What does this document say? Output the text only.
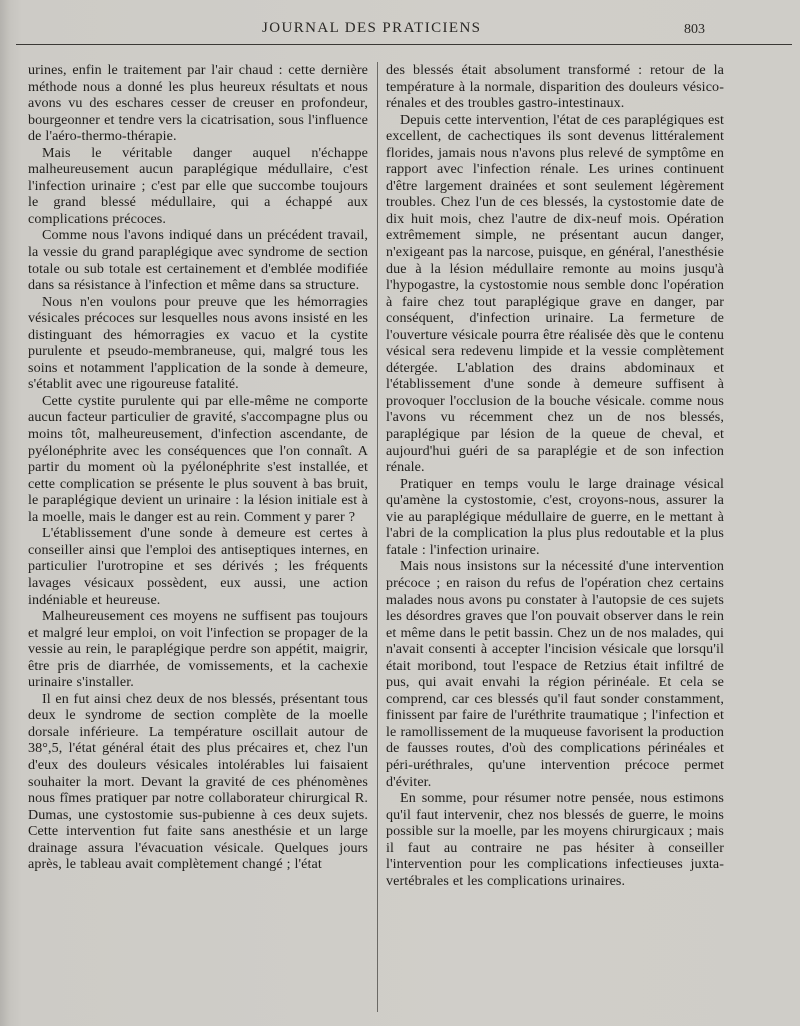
JOURNAL DES PRATICIENS	803

urines, enfin le traitement par l'air chaud : cette dernière méthode nous a donné les plus heureux résultats et nous avons vu des eschares cesser de creuser en profondeur, bourgeonner et tendre vers la cicatrisation, sous l'influence de l'aéro-thermo-thérapie.

Mais le véritable danger auquel n'échappe malheureusement aucun paraplégique médullaire, c'est l'infection urinaire ; c'est par elle que succombe toujours le grand blessé médullaire, qui a échappé aux complications précoces.

Comme nous l'avons indiqué dans un précédent travail, la vessie du grand paraplégique avec syndrome de section totale ou sub totale est certainement et d'emblée modifiée dans sa résistance à l'infection et même dans sa structure.

Nous n'en voulons pour preuve que les hémorragies vésicales précoces sur lesquelles nous avons insisté en les distinguant des hémorragies ex vacuo et la cystite purulente et pseudo-membraneuse, qui, malgré tous les soins et notamment l'application de la sonde à demeure, s'établit avec une rigoureuse fatalité.

Cette cystite purulente qui par elle-même ne comporte aucun facteur particulier de gravité, s'accompagne plus ou moins tôt, malheureusement, d'infection ascendante, de pyélonéphrite avec les conséquences que l'on connaît. A partir du moment où la pyélonéphrite s'est installée, et cette complication se présente le plus souvent à bas bruit, le paraplégique devient un urinaire : la lésion initiale est à la moelle, mais le danger est au rein. Comment y parer ?

L'établissement d'une sonde à demeure est certes à conseiller ainsi que l'emploi des antiseptiques internes, en particulier l'urotropine et ses dérivés ; les fréquents lavages vésicaux possèdent, eux aussi, une action indéniable et heureuse.

Malheureusement ces moyens ne suffisent pas toujours et malgré leur emploi, on voit l'infection se propager de la vessie au rein, le paraplégique perdre son appétit, maigrir, être pris de diarrhée, de vomissements, et la cachexie urinaire s'installer.

Il en fut ainsi chez deux de nos blessés, présentant tous deux le syndrome de section complète de la moelle dorsale inférieure. La température oscillait autour de 38°,5, l'état général était des plus précaires et, chez l'un d'eux des douleurs vésicales intolérables lui faisaient souhaiter la mort. Devant la gravité de ces phénomènes nous fîmes pratiquer par notre collaborateur chirurgical R. Dumas, une cystostomie sus-pubienne à ces deux sujets. Cette intervention fut faite sans anesthésie et un large drainage assura l'évacuation vésicale. Quelques jours après, le tableau avait complètement changé ; l'état

des blessés était absolument transformé : retour de la température à la normale, disparition des douleurs vésico-rénales et des troubles gastro-intestinaux.

Depuis cette intervention, l'état de ces paraplégiques est excellent, de cachectiques ils sont devenus littéralement florides, jamais nous n'avons plus relevé de symptôme en rapport avec l'infection rénale. Les urines continuent d'être largement drainées et sont seulement légèrement troubles. Chez l'un de ces blessés, la cystostomie date de dix huit mois, chez l'autre de dix-neuf mois. Opération extrêmement simple, ne présentant aucun danger, n'exigeant pas la narcose, puisque, en général, l'anesthésie due à la lésion médullaire remonte au moins jusqu'à l'hypogastre, la cystostomie nous semble donc l'opération à faire chez tout paraplégique grave en danger, par conséquent, d'infection urinaire. La fermeture de l'ouverture vésicale pourra être réalisée dès que le contenu vésical sera redevenu limpide et la vessie complètement détergée. L'ablation des drains abdominaux et l'établissement d'une sonde à demeure suffisent à provoquer l'occlusion de la bouche vésicale. comme nous l'avons vu récemment chez un de nos blessés, paraplégique par lésion de la queue de cheval, et aujourd'hui guéri de sa paraplégie et de son infection rénale.

Pratiquer en temps voulu le large drainage vésical qu'amène la cystostomie, c'est, croyons-nous, assurer la vie au paraplégique médullaire de guerre, en le mettant à l'abri de la complication la plus plus redoutable et la plus fatale : l'infection urinaire.

Mais nous insistons sur la nécessité d'une intervention précoce ; en raison du refus de l'opération chez certains malades nous avons pu constater à l'autopsie de ces sujets les désordres graves que l'on pouvait observer dans le rein et même dans le petit bassin. Chez un de nos malades, qui n'avait consenti à accepter l'incision vésicale que lorsqu'il était moribond, tout l'espace de Retzius était infiltré de pus, qui avait envahi la région périnéale. Et cela se comprend, car ces blessés qu'il faut sonder constamment, finissent par faire de l'uréthrite traumatique ; l'infection et le ramollissement de la muqueuse favorisent la production de fausses routes, d'où des complications périnéales et péri-uréthrales, qu'une intervention précoce permet d'éviter.

En somme, pour résumer notre pensée, nous estimons qu'il faut intervenir, chez nos blessés de guerre, le moins possible sur la moelle, par les moyens chirurgicaux ; mais il faut au contraire ne pas hésiter à conseiller l'intervention pour les complications infectieuses juxta-vertébrales et les complications urinaires.
